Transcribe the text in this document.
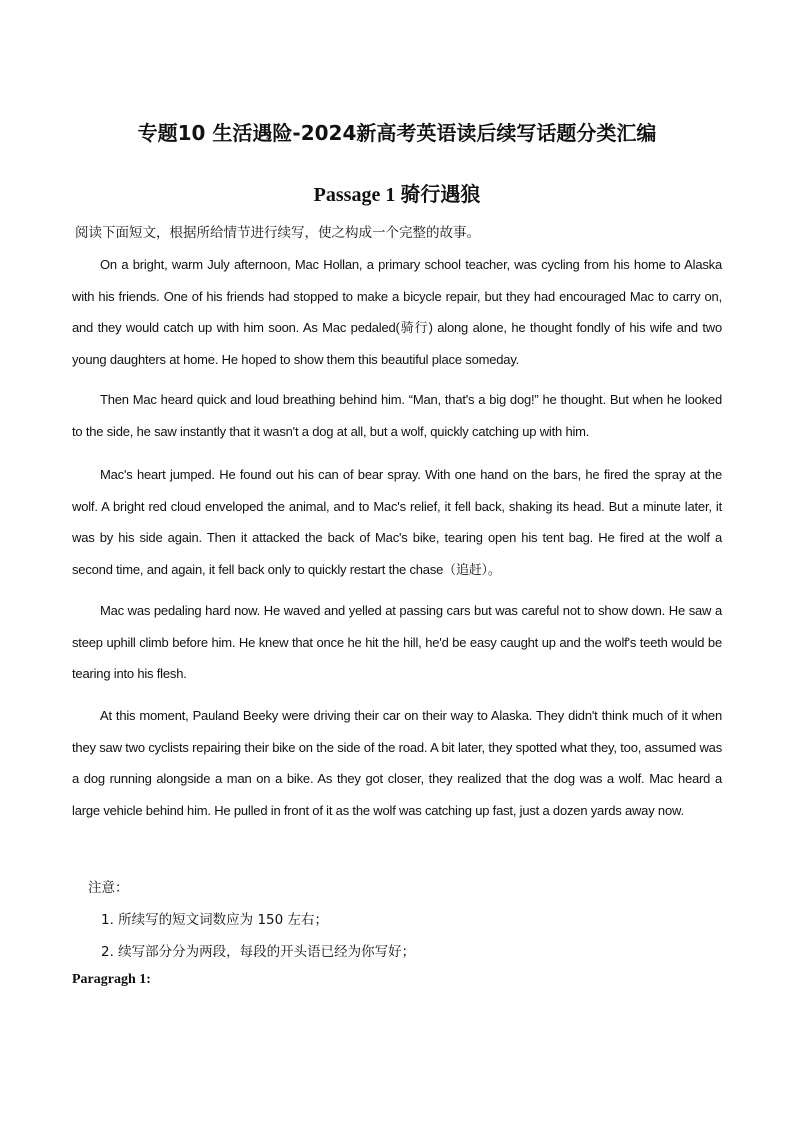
专题10 生活遇险-2024新高考英语读后续写话题分类汇编
Passage 1 骑行遇狼

阅读下面短文，根据所给情节进行续写，使之构成一个完整的故事。

On a bright, warm July afternoon, Mac Hollan, a primary school teacher, was cycling from his home to Alaska with his friends. One of his friends had stopped to make a bicycle repair, but they had encouraged Mac to carry on, and they would catch up with him soon. As Mac pedaled(骑行) along alone, he thought fondly of his wife and two young daughters at home. He hoped to show them this beautiful place someday.

Then Mac heard quick and loud breathing behind him. “Man, that's a big dog!” he thought. But when he looked to the side, he saw instantly that it wasn't a dog at all, but a wolf, quickly catching up with him.

Mac's heart jumped. He found out his can of bear spray. With one hand on the bars, he fired the spray at the wolf. A bright red cloud enveloped the animal, and to Mac's relief, it fell back, shaking its head. But a minute later, it was by his side again. Then it attacked the back of Mac's bike, tearing open his tent bag. He fired at the wolf a second time, and again, it fell back only to quickly restart the chase（追赶）。

Mac was pedaling hard now. He waved and yelled at passing cars but was careful not to show down. He saw a steep uphill climb before him. He knew that once he hit the hill, he'd be easy caught up and the wolf's teeth would be tearing into his flesh.

At this moment, Pauland Beeky were driving their car on their way to Alaska. They didn't think much of it when they saw two cyclists repairing their bike on the side of the road. A bit later, they spotted what they, too, assumed was a dog running alongside a man on a bike. As they got closer, they realized that the dog was a wolf. Mac heard a large vehicle behind him. He pulled in front of it as the wolf was catching up fast, just a dozen yards away now.

注意：

1. 所续写的短文词数应为 150 左右；

2. 续写部分分为两段，每段的开头语已经为你写好；

Paragragh 1:
